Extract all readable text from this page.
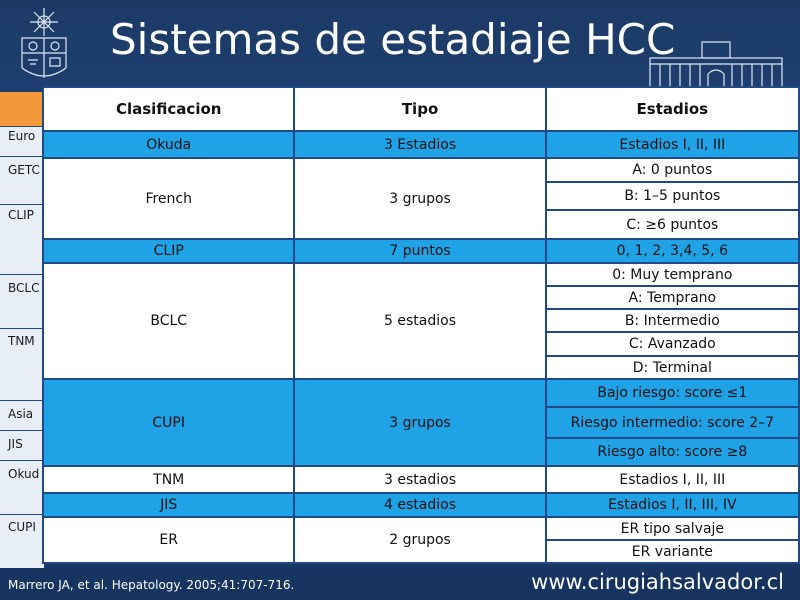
Sistemas de estadiaje HCC
Euro
GETC
CLIP
BCLC
TNM
Asia
JIS
Okud
CUPI
Clasificacion	Tipo	Estadios
Okuda	3 Estadios	Estadios I, II, III
French	3 grupos	A: 0 puntos
		B: 1–5 puntos
		C: ≥6 puntos
CLIP	7 puntos	0, 1, 2, 3,4, 5, 6
BCLC	5 estadios	0: Muy temprano
		A: Temprano
		B: Intermedio
		C: Avanzado
		D: Terminal
CUPI	3 grupos	Bajo riesgo: score ≤1
		Riesgo intermedio: score 2–7
		Riesgo alto: score ≥8
TNM	3 estadios	Estadios I, II, III
JIS	4 estadios	Estadios I, II, III, IV
ER	2 grupos	ER tipo salvaje
		ER variante
Marrero JA, et al. Hepatology. 2005;41:707-716.	www.cirugiahsalvador.cl
